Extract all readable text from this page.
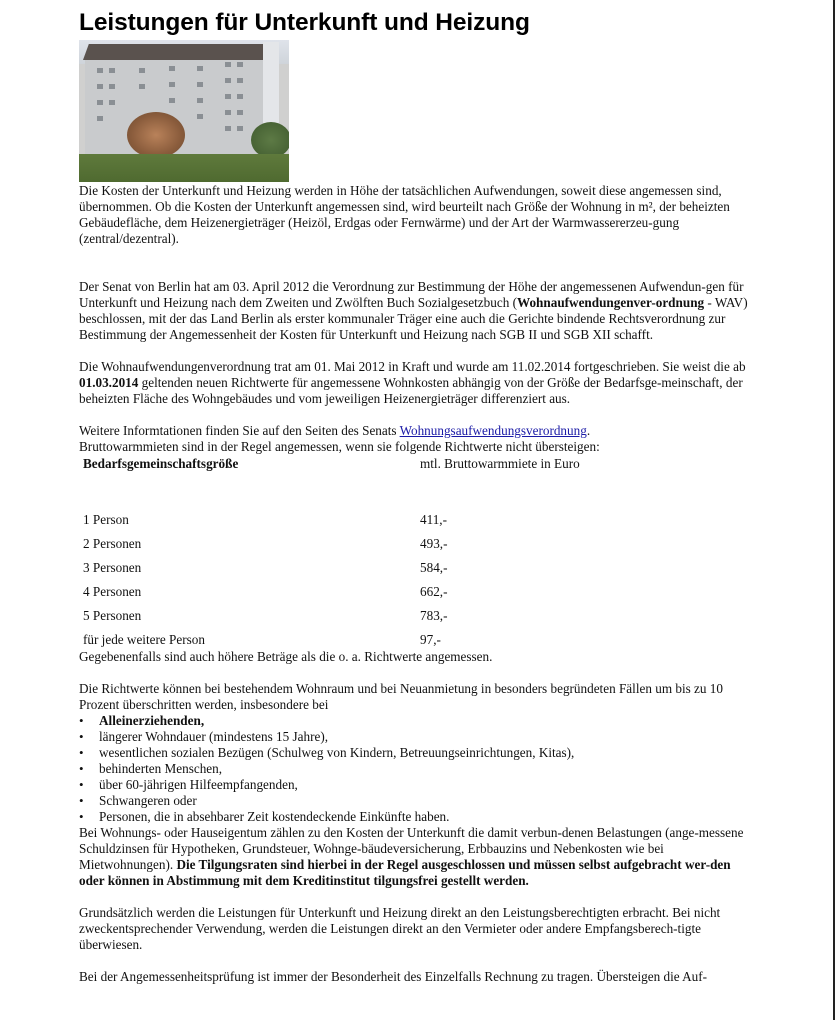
Leistungen für Unterkunft und Heizung

Die Kosten der Unterkunft und Heizung werden in Höhe der tatsächlichen Aufwendungen, soweit diese angemessen sind, übernommen. Ob die Kosten der Unterkunft angemessen sind, wird beurteilt nach Größe der Wohnung in m², der beheizten Gebäudefläche, dem Heizenergieträger (Heizöl, Erdgas oder Fernwärme) und der Art der Warmwassererzeu-gung (zentral/dezentral).

Der Senat von Berlin hat am 03. April 2012 die Verordnung zur Bestimmung der Höhe der angemessenen Aufwendun-gen für Unterkunft und Heizung nach dem Zweiten und Zwölften Buch Sozialgesetzbuch (Wohnaufwendungenver-ordnung - WAV) beschlossen, mit der das Land Berlin als erster kommunaler Träger eine auch die Gerichte bindende Rechtsverordnung zur Bestimmung der Angemessenheit der Kosten für Unterkunft und Heizung nach SGB II und SGB XII schafft.

Die Wohnaufwendungenverordnung trat am 01. Mai 2012 in Kraft und wurde am 11.02.2014 fortgeschrieben. Sie weist die ab 01.03.2014 geltenden neuen Richtwerte für angemessene Wohnkosten abhängig von der Größe der Bedarfsge-meinschaft, der beheizten Fläche des Wohngebäudes und vom jeweiligen Heizenergieträger differenziert aus.

Weitere Informtationen finden Sie auf den Seiten des Senats Wohnungsaufwendungsverordnung.

Bruttowarmmieten sind in der Regel angemessen, wenn sie folgende Richtwerte nicht übersteigen:

Bedarfsgemeinschaftsgröße	mtl. Bruttowarmmiete in Euro
1 Person	411,-
2 Personen	493,-
3 Personen	584,-
4 Personen	662,-
5 Personen	783,-
für jede weitere Person	97,-

Gegebenenfalls sind auch höhere Beträge als die o. a. Richtwerte angemessen.

Die Richtwerte können bei bestehendem Wohnraum und bei Neuanmietung in besonders begründeten Fällen um bis zu 10 Prozent überschritten werden, insbesondere bei

• Alleinerziehenden,
• längerer Wohndauer (mindestens 15 Jahre),
• wesentlichen sozialen Bezügen (Schulweg von Kindern, Betreuungseinrichtungen, Kitas),
• behinderten Menschen,
• über 60-jährigen Hilfeempfangenden,
• Schwangeren oder
• Personen, die in absehbarer Zeit kostendeckende Einkünfte haben.

Bei Wohnungs- oder Hauseigentum zählen zu den Kosten der Unterkunft die damit verbun-denen Belastungen (ange-messene Schuldzinsen für Hypotheken, Grundsteuer, Wohnge-bäudeversicherung, Erbbauzins und Nebenkosten wie bei Mietwohnungen). Die Tilgungsraten sind hierbei in der Regel ausgeschlossen und müssen selbst aufgebracht wer-den oder können in Abstimmung mit dem Kreditinstitut tilgungsfrei gestellt werden.

Grundsätzlich werden die Leistungen für Unterkunft und Heizung direkt an den Leistungsberechtigten erbracht. Bei nicht zweckentsprechender Verwendung, werden die Leistungen direkt an den Vermieter oder andere Empfangsberech-tigte überwiesen.

Bei der Angemessenheitsprüfung ist immer der Besonderheit des Einzelfalls Rechnung zu tragen. Übersteigen die Auf-
